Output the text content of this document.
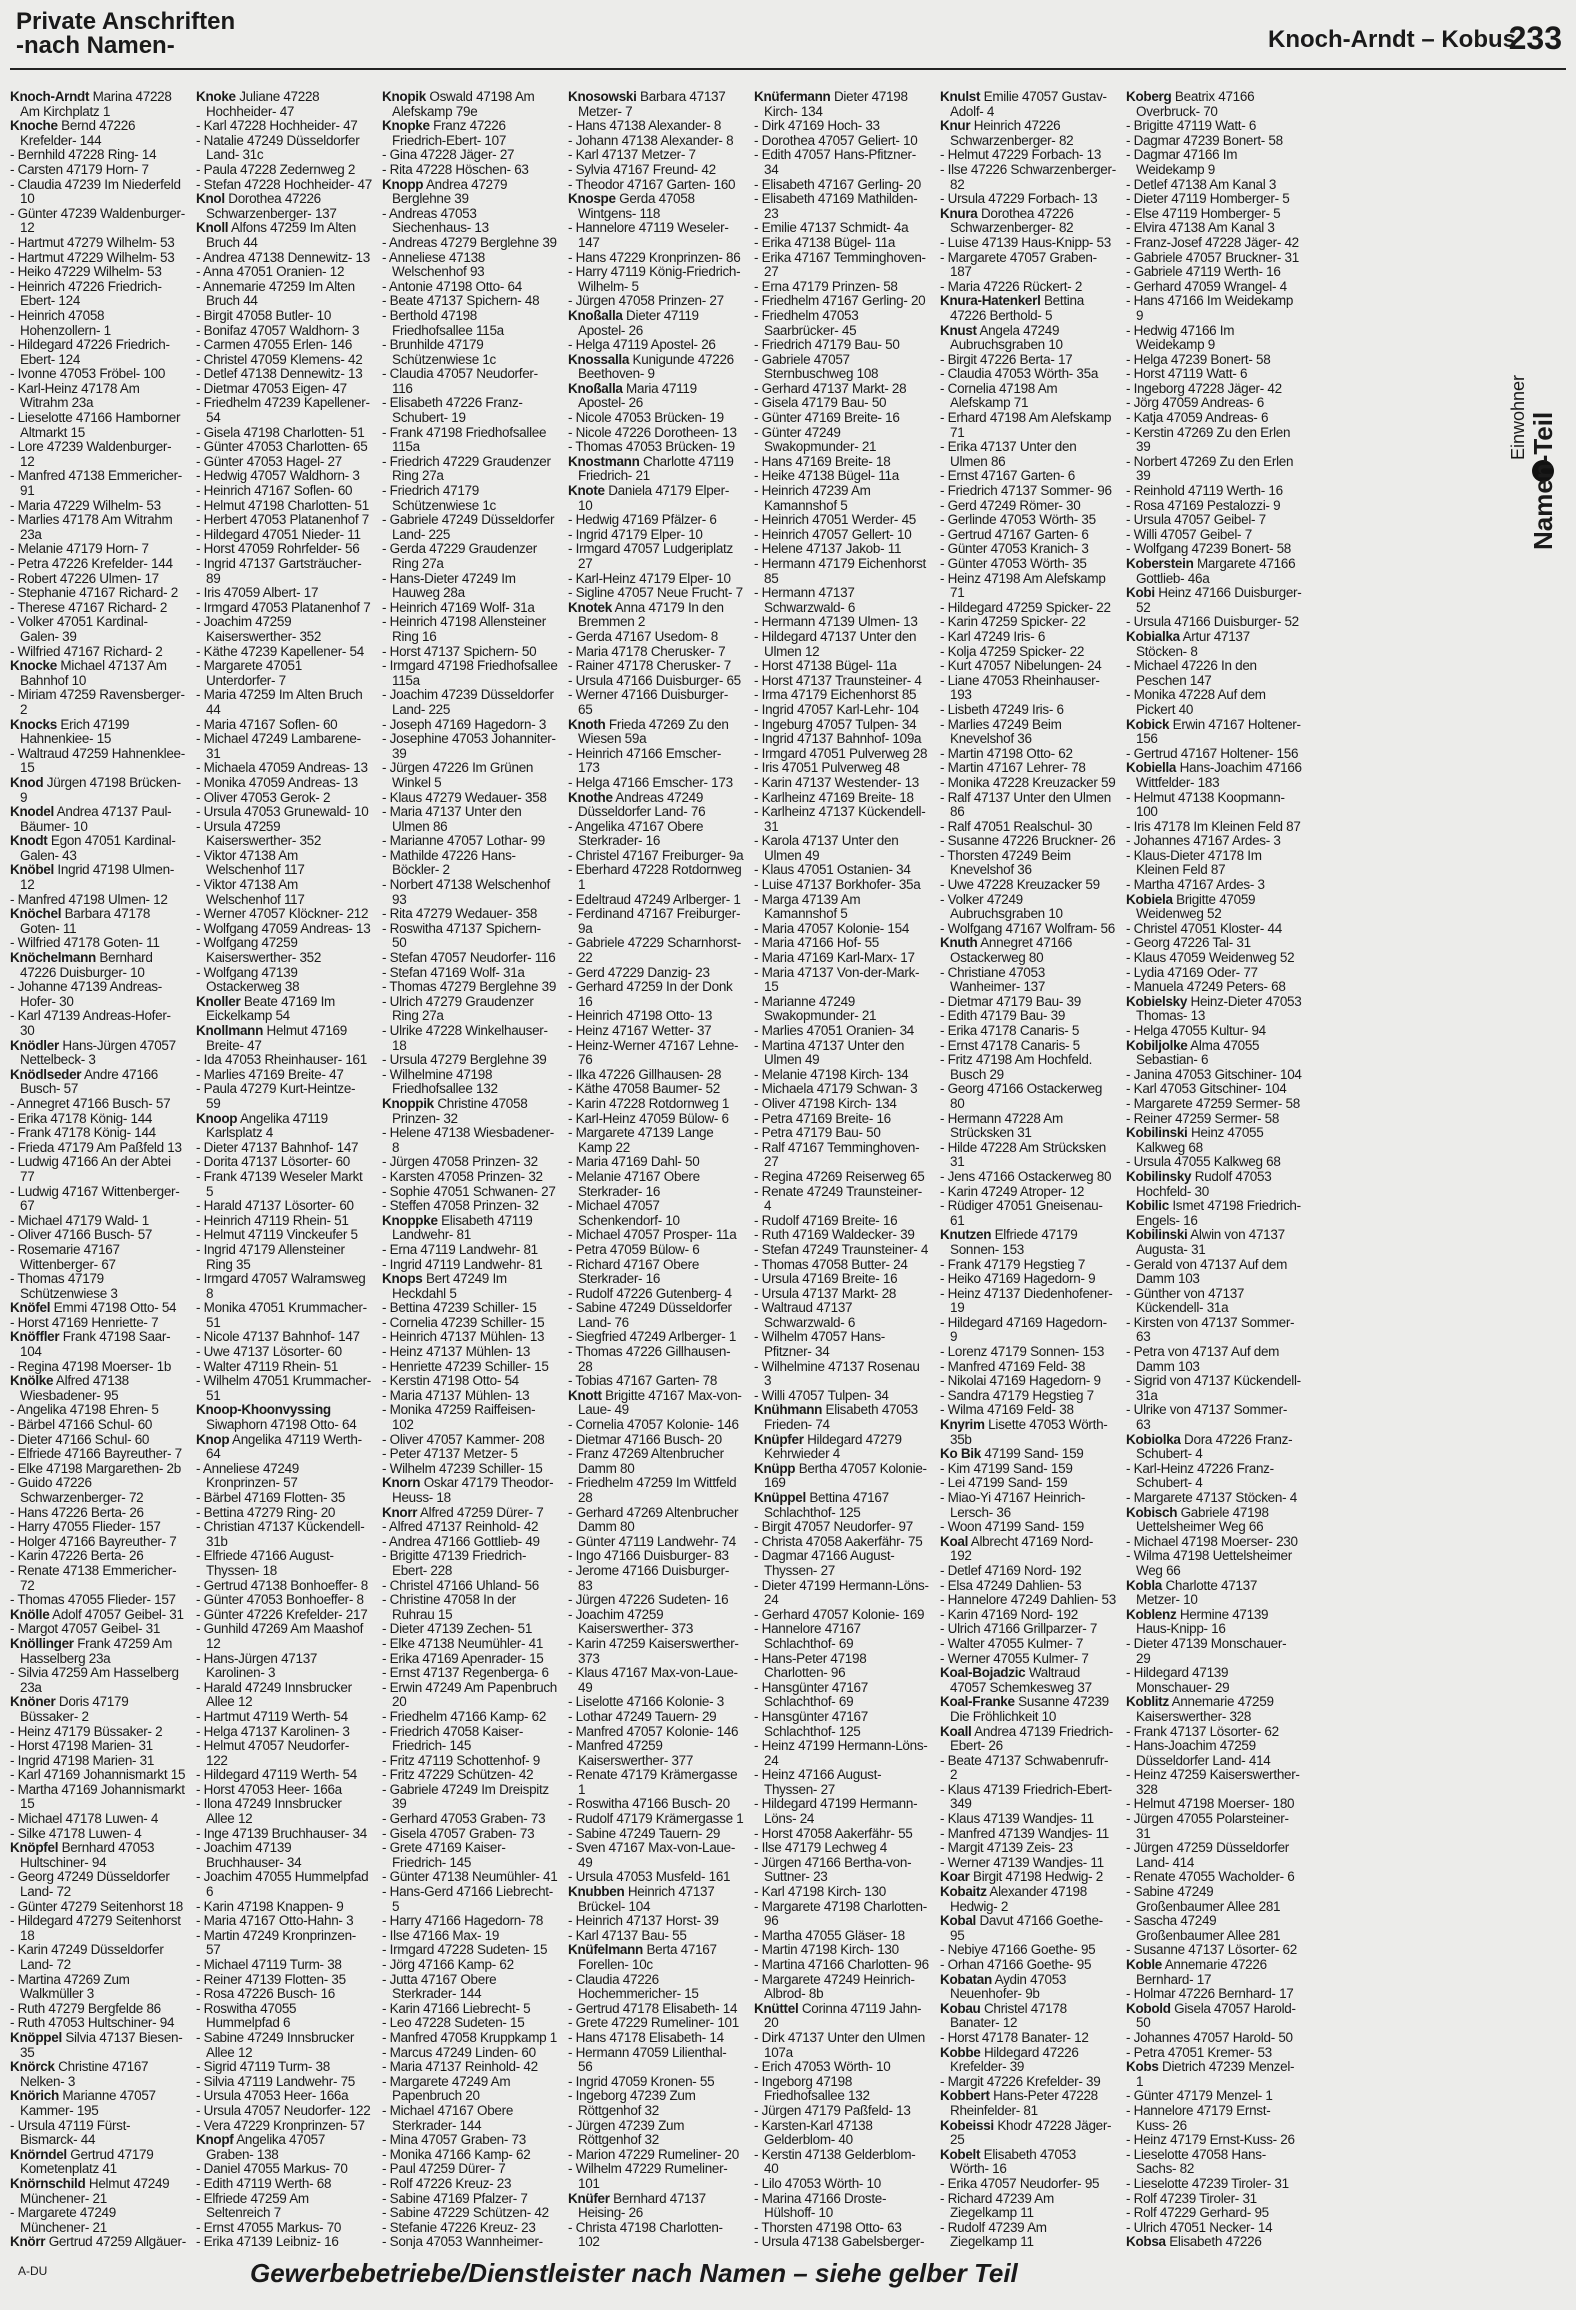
Private Anschriften
-nach Namen-	Knoch-Arndt – Kobus
233
Knoch-Arndt Marina 47228 Am Kirchplatz 1
Knoche Bernd 47226 Krefelder- 144
- Bernhild 47228 Ring- 14
- Carsten 47179 Horn- 7
- Claudia 47239 Im Niederfeld 10
- Günter 47239 Waldenburger- 12
- Hartmut 47279 Wilhelm- 53
- Hartmut 47229 Wilhelm- 53
- Heiko 47229 Wilhelm- 53
- Heinrich 47226 Friedrich-Ebert- 124
- Heinrich 47058 Hohenzollern- 1
- Hildegard 47226 Friedrich-Ebert- 124
- Ivonne 47053 Fröbel- 100
- Karl-Heinz 47178 Am Witrahm 23a
- Lieselotte 47166 Hamborner Altmarkt 15
- Lore 47239 Waldenburger- 12
- Manfred 47138 Emmericher- 91
- Maria 47229 Wilhelm- 53
- Marlies 47178 Am Witrahm 23a
- Melanie 47179 Horn- 7
- Petra 47226 Krefelder- 144
- Robert 47226 Ulmen- 17
- Stephanie 47167 Richard- 2
- Therese 47167 Richard- 2
- Volker 47051 Kardinal-Galen- 39
- Wilfried 47167 Richard- 2
Knocke Michael 47137 Am Bahnhof 10
- Miriam 47259 Ravensberger- 2
Knocks Erich 47199 Hahnenkiee- 15
- Waltraud 47259 Hahnenklee- 15
Knod Jürgen 47198 Brücken- 9
Knodel Andrea 47137 Paul-Bäumer- 10
Knodt Egon 47051 Kardinal-Galen- 43
Knöbel Ingrid 47198 Ulmen- 12
- Manfred 47198 Ulmen- 12
Knöchel Barbara 47178 Goten- 11
- Wilfried 47178 Goten- 11
Knöchelmann Bernhard 47226 Duisburger- 10
- Johanne 47139 Andreas-Hofer- 30
- Karl 47139 Andreas-Hofer- 30
Knödler Hans-Jürgen 47057 Nettelbeck- 3
Knödlseder Andre 47166 Busch- 57
- Annegret 47166 Busch- 57
- Erika 47178 König- 144
- Frank 47178 König- 144
- Frieda 47179 Am Paßfeld 13
- Ludwig 47166 An der Abtei 77
- Ludwig 47167 Wittenberger- 67
- Michael 47179 Wald- 1
- Oliver 47166 Busch- 57
- Rosemarie 47167 Wittenberger- 67
- Thomas 47179 Schützenwiese 3
Knöfel Emmi 47198 Otto- 54
- Horst 47169 Henriette- 7
Knöffler Frank 47198 Saar- 104
- Regina 47198 Moerser- 1b
Knölke Alfred 47138 Wiesbadener- 95
- Angelika 47198 Ehren- 5
- Bärbel 47166 Schul- 60
- Dieter 47166 Schul- 60
- Elfriede 47166 Bayreuther- 7
- Elke 47198 Margarethen- 2b
- Guido 47226 Schwarzenberger- 72
- Hans 47226 Berta- 26
- Harry 47055 Flieder- 157
- Holger 47166 Bayreuther- 7
- Karin 47226 Berta- 26
- Renate 47138 Emmericher- 72
- Thomas 47055 Flieder- 157
Knölle Adolf 47057 Geibel- 31
- Margot 47057 Geibel- 31
Knöllinger Frank 47259 Am Hasselberg 23a
- Silvia 47259 Am Hasselberg 23a
Knöner Doris 47179 Büssaker- 2
- Heinz 47179 Büssaker- 2
- Horst 47198 Marien- 31
- Ingrid 47198 Marien- 31
- Karl 47169 Johannismarkt 15
- Martha 47169 Johannismarkt 15
- Michael 47178 Luwen- 4
- Silke 47178 Luwen- 4
Knöpfel Bernhard 47053 Hultschiner- 94
- Georg 47249 Düsseldorfer Land- 72
- Günter 47279 Seitenhorst 18
- Hildegard 47279 Seitenhorst 18
- Karin 47249 Düsseldorfer Land- 72
- Martina 47269 Zum Walkmüller 3
- Ruth 47279 Bergfelde 86
- Ruth 47053 Hultschiner- 94
Knöppel Silvia 47137 Biesen- 35
Knörck Christine 47167 Nelken- 3
Knörich Marianne 47057 Kammer- 195
- Ursula 47119 Fürst-Bismarck- 44
Knörndel Gertrud 47179 Kometenplatz 41
Knörnschild Helmut 47249 Münchener- 21
- Margarete 47249 Münchener- 21
Knörr Gertrud 47259 Allgäuer-
Knoke Juliane 47228 Hochheider- 47
- Karl 47228 Hochheider- 47
- Natalie 47249 Düsseldorfer Land- 31c
- Paula 47228 Zedernweg 2
- Stefan 47228 Hochheider- 47
Knol Dorothea 47226 Schwarzenberger- 137
Knoll Alfons 47259 Im Alten Bruch 44
- Andrea 47138 Dennewitz- 13
- Anna 47051 Oranien- 12
- Annemarie 47259 Im Alten Bruch 44
- Birgit 47058 Butler- 10
- Bonifaz 47057 Waldhorn- 3
- Carmen 47055 Erlen- 146
- Christel 47059 Klemens- 42
- Detlef 47138 Dennewitz- 13
- Dietmar 47053 Eigen- 47
- Friedhelm 47239 Kapellener- 54
- Gisela 47198 Charlotten- 51
- Günter 47053 Charlotten- 65
- Günter 47053 Hagel- 27
- Hedwig 47057 Waldhorn- 3
- Heinrich 47167 Soflen- 60
- Helmut 47198 Charlotten- 51
- Herbert 47053 Platanenhof 7
- Hildegard 47051 Nieder- 11
- Horst 47059 Rohrfelder- 56
- Ingrid 47137 Gartsträucher- 89
- Iris 47059 Albert- 17
- Irmgard 47053 Platanenhof 7
- Joachim 47259 Kaiserswerther- 352
- Käthe 47239 Kapellener- 54
- Margarete 47051 Unterdorfer- 7
- Maria 47259 Im Alten Bruch 44
- Maria 47167 Soflen- 60
- Michael 47249 Lambarene- 31
- Michaela 47059 Andreas- 13
- Monika 47059 Andreas- 13
- Oliver 47053 Gerok- 2
- Ursula 47053 Grunewald- 10
- Ursula 47259 Kaiserswerther- 352
- Viktor 47138 Am Welschenhof 117
- Viktor 47138 Am Welschenhof 117
- Werner 47057 Klöckner- 212
- Wolfgang 47059 Andreas- 13
- Wolfgang 47259 Kaiserswerther- 352
- Wolfgang 47139 Ostackerweg 38
Knoller Beate 47169 Im Eickelkamp 54
Knollmann Helmut 47169 Breite- 47
- Ida 47053 Rheinhauser- 161
- Marlies 47169 Breite- 47
- Paula 47279 Kurt-Heintze- 59
Knoop Angelika 47119 Karlsplatz 4
- Dieter 47137 Bahnhof- 147
- Dorita 47137 Lösorter- 60
- Frank 47139 Weseler Markt 5
- Harald 47137 Lösorter- 60
- Heinrich 47119 Rhein- 51
- Helmut 47119 Vinckeufer 5
- Ingrid 47179 Allensteiner Ring 35
- Irmgard 47057 Walramsweg 8
- Monika 47051 Krummacher- 51
- Nicole 47137 Bahnhof- 147
- Uwe 47137 Lösorter- 60
- Walter 47119 Rhein- 51
- Wilhelm 47051 Krummacher- 51
Knoop-Khoonvyssing Siwaphorn 47198 Otto- 64
Knop Angelika 47119 Werth- 64
- Anneliese 47249 Kronprinzen- 57
- Bärbel 47169 Flotten- 35
- Bettina 47279 Ring- 20
- Christian 47137 Kückendell- 31b
- Elfriede 47166 August-Thyssen- 18
- Gertrud 47138 Bonhoeffer- 8
- Günter 47053 Bonhoeffer- 8
- Günter 47226 Krefelder- 217
- Gunhild 47269 Am Maashof 12
- Hans-Jürgen 47137 Karolinen- 3
- Harald 47249 Innsbrucker Allee 12
- Hartmut 47119 Werth- 54
- Helga 47137 Karolinen- 3
- Helmut 47057 Neudorfer- 122
- Hildegard 47119 Werth- 54
- Horst 47053 Heer- 166a
- Ilona 47249 Innsbrucker Allee 12
- Inge 47139 Bruchhauser- 34
- Joachim 47139 Bruchhauser- 34
- Joachim 47055 Hummelpfad 6
- Karin 47198 Knappen- 9
- Maria 47167 Otto-Hahn- 3
- Martin 47249 Kronprinzen- 57
- Michael 47119 Turm- 38
- Reiner 47139 Flotten- 35
- Rosa 47226 Busch- 16
- Roswitha 47055 Hummelpfad 6
- Sabine 47249 Innsbrucker Allee 12
- Sigrid 47119 Turm- 38
- Silvia 47119 Landwehr- 75
- Ursula 47053 Heer- 166a
- Ursula 47057 Neudorfer- 122
- Vera 47229 Kronprinzen- 57
Knopf Angelika 47057 Graben- 138
- Daniel 47055 Markus- 70
- Edith 47119 Werth- 68
- Elfriede 47259 Am Seltenreich 7
- Ernst 47055 Markus- 70
- Erika 47139 Leibniz- 16
Knopik Oswald 47198 Am Alefskamp 79e
Knopke Franz 47226 Friedrich-Ebert- 107
- Gina 47228 Jäger- 27
- Rita 47228 Höschen- 63
Knopp Andrea 47279 Berglehne 39
- Andreas 47053 Siechenhaus- 13
- Andreas 47279 Berglehne 39
- Anneliese 47138 Welschenhof 93
- Antonie 47198 Otto- 64
- Beate 47137 Spichern- 48
- Berthold 47198 Friedhofsallee 115a
- Brunhilde 47179 Schützenwiese 1c
- Claudia 47057 Neudorfer- 116
- Elisabeth 47226 Franz-Schubert- 19
- Frank 47198 Friedhofsallee 115a
- Friedrich 47229 Graudenzer Ring 27a
- Friedrich 47179 Schützenwiese 1c
- Gabriele 47249 Düsseldorfer Land- 225
- Gerda 47229 Graudenzer Ring 27a
- Hans-Dieter 47249 Im Hauweg 28a
- Heinrich 47169 Wolf- 31a
- Heinrich 47198 Allensteiner Ring 16
- Horst 47137 Spichern- 50
- Irmgard 47198 Friedhofsallee 115a
- Joachim 47239 Düsseldorfer Land- 225
- Joseph 47169 Hagedorn- 3
- Josephine 47053 Johanniter- 39
- Jürgen 47226 Im Grünen Winkel 5
- Klaus 47279 Wedauer- 358
- Maria 47137 Unter den Ulmen 86
- Marianne 47057 Lothar- 99
- Mathilde 47226 Hans-Böckler- 2
- Norbert 47138 Welschenhof 93
- Rita 47279 Wedauer- 358
- Roswitha 47137 Spichern- 50
- Stefan 47057 Neudorfer- 116
- Stefan 47169 Wolf- 31a
- Thomas 47279 Berglehne 39
- Ulrich 47279 Graudenzer Ring 27a
- Ulrike 47228 Winkelhauser- 18
- Ursula 47279 Berglehne 39
- Wilhelmine 47198 Friedhofsallee 132
Knoppik Christine 47058 Prinzen- 32
- Helene 47138 Wiesbadener- 8
- Jürgen 47058 Prinzen- 32
- Karsten 47058 Prinzen- 32
- Sophie 47051 Schwanen- 27
- Steffen 47058 Prinzen- 32
Knoppke Elisabeth 47119 Landwehr- 81
- Erna 47119 Landwehr- 81
- Ingrid 47119 Landwehr- 81
Knops Bert 47249 Im Heckdahl 5
- Bettina 47239 Schiller- 15
- Cornelia 47239 Schiller- 15
- Heinrich 47137 Mühlen- 13
- Heinz 47137 Mühlen- 13
- Henriette 47239 Schiller- 15
- Kerstin 47198 Otto- 54
- Maria 47137 Mühlen- 13
- Monika 47259 Raiffeisen- 102
- Oliver 47057 Kammer- 208
- Peter 47137 Metzer- 5
- Wilhelm 47239 Schiller- 15
Knorn Oskar 47179 Theodor-Heuss- 18
Knorr Alfred 47259 Dürer- 7
- Alfred 47137 Reinhold- 42
- Andrea 47166 Gottlieb- 49
- Brigitte 47139 Friedrich-Ebert- 228
- Christel 47166 Uhland- 56
- Christine 47058 In der Ruhrau 15
- Dieter 47139 Zechen- 51
- Elke 47138 Neumühler- 41
- Erika 47169 Apenrader- 15
- Ernst 47137 Regenberga- 6
- Erwin 47249 Am Papenbruch 20
- Friedhelm 47166 Kamp- 62
- Friedrich 47058 Kaiser-Friedrich- 145
- Fritz 47119 Schottenhof- 9
- Fritz 47229 Schützen- 42
- Gabriele 47249 Im Dreispitz 39
- Gerhard 47053 Graben- 73
- Gisela 47057 Graben- 73
- Grete 47169 Kaiser-Friedrich- 145
- Günter 47138 Neumühler- 41
- Hans-Gerd 47166 Liebrecht- 5
- Harry 47166 Hagedorn- 78
- Ilse 47166 Max- 19
- Irmgard 47228 Sudeten- 15
- Jörg 47166 Kamp- 62
- Jutta 47167 Obere Sterkrader- 144
- Karin 47166 Liebrecht- 5
- Leo 47228 Sudeten- 15
- Manfred 47058 Kruppkamp 1
- Marcus 47249 Linden- 60
- Maria 47137 Reinhold- 42
- Margarete 47249 Am Papenbruch 20
- Michael 47167 Obere Sterkrader- 144
- Mina 47057 Graben- 73
- Monika 47166 Kamp- 62
- Paul 47259 Dürer- 7
- Rolf 47226 Kreuz- 23
- Sabine 47169 Pfalzer- 7
- Sabine 47229 Schützen- 42
- Stefanie 47226 Kreuz- 23
- Sonja 47053 Wannheimer-
Knosowski Barbara 47137 Metzer- 7
- Hans 47138 Alexander- 8
- Johann 47138 Alexander- 8
- Karl 47137 Metzer- 7
- Sylvia 47167 Freund- 42
- Theodor 47167 Garten- 160
Knospe Gerda 47058 Wintgens- 118
- Hannelore 47119 Weseler- 147
- Hans 47229 Kronprinzen- 86
- Harry 47119 König-Friedrich-Wilhelm- 5
- Jürgen 47058 Prinzen- 27
Knoßalla Dieter 47119 Apostel- 26
- Helga 47119 Apostel- 26
Knossalla Kunigunde 47226 Beethoven- 9
Knoßalla Maria 47119 Apostel- 26
- Nicole 47053 Brücken- 19
- Nicole 47226 Dorotheen- 13
- Thomas 47053 Brücken- 19
Knostmann Charlotte 47119 Friedrich- 21
Knote Daniela 47179 Elper- 10
- Hedwig 47169 Pfälzer- 6
- Ingrid 47179 Elper- 10
- Irmgard 47057 Ludgeriplatz 27
- Karl-Heinz 47179 Elper- 10
- Sigline 47057 Neue Frucht- 7
Knotek Anna 47179 In den Bremmen 2
- Gerda 47167 Usedom- 8
- Maria 47178 Cherusker- 7
- Rainer 47178 Cherusker- 7
- Ursula 47166 Duisburger- 65
- Werner 47166 Duisburger- 65
Knoth Frieda 47269 Zu den Wiesen 59a
- Heinrich 47166 Emscher- 173
- Helga 47166 Emscher- 173
Knothe Andreas 47249 Düsseldorfer Land- 76
- Angelika 47167 Obere Sterkrader- 16
- Christel 47167 Freiburger- 9a
- Eberhard 47228 Rotdornweg 1
- Edeltraud 47249 Arlberger- 1
- Ferdinand 47167 Freiburger- 9a
- Gabriele 47229 Scharnhorst- 22
- Gerd 47229 Danzig- 23
- Gerhard 47259 In der Donk 16
- Heinrich 47198 Otto- 13
- Heinz 47167 Wetter- 37
- Heinz-Werner 47167 Lehne- 76
- Ilka 47226 Gillhausen- 28
- Käthe 47058 Baumer- 52
- Karin 47228 Rotdornweg 1
- Karl-Heinz 47059 Bülow- 6
- Margarete 47139 Lange Kamp 22
- Maria 47169 Dahl- 50
- Melanie 47167 Obere Sterkrader- 16
- Michael 47057 Schenkendorf- 10
- Michael 47057 Prosper- 11a
- Petra 47059 Bülow- 6
- Richard 47167 Obere Sterkrader- 16
- Rudolf 47226 Gutenberg- 4
- Sabine 47249 Düsseldorfer Land- 76
- Siegfried 47249 Arlberger- 1
- Thomas 47226 Gillhausen- 28
- Tobias 47167 Garten- 78
Knott Brigitte 47167 Max-von-Laue- 49
- Cornelia 47057 Kolonie- 146
- Dietmar 47166 Busch- 20
- Franz 47269 Altenbrucher Damm 80
- Friedhelm 47259 Im Wittfeld 28
- Gerhard 47269 Altenbrucher Damm 80
- Günter 47119 Landwehr- 74
- Ingo 47166 Duisburger- 83
- Jerome 47166 Duisburger- 83
- Jürgen 47226 Sudeten- 16
- Joachim 47259 Kaiserswerther- 373
- Karin 47259 Kaiserswerther- 373
- Klaus 47167 Max-von-Laue- 49
- Liselotte 47166 Kolonie- 3
- Lothar 47249 Tauern- 29
- Manfred 47057 Kolonie- 146
- Manfred 47259 Kaiserswerther- 377
- Renate 47179 Krämergasse 1
- Roswitha 47166 Busch- 20
- Rudolf 47179 Krämergasse 1
- Sabine 47249 Tauern- 29
- Sven 47167 Max-von-Laue- 49
- Ursula 47053 Musfeld- 161
Knubben Heinrich 47137 Brückel- 104
- Heinrich 47137 Horst- 39
- Karl 47137 Bau- 55
Knüfelmann Berta 47167 Forellen- 10c
- Claudia 47226 Hochemmericher- 15
- Gertrud 47178 Elisabeth- 14
- Grete 47229 Rumeliner- 101
- Hans 47178 Elisabeth- 14
- Hermann 47059 Lilienthal- 56
- Ingrid 47059 Kronen- 55
- Ingeborg 47239 Zum Röttgenhof 32
- Jürgen 47239 Zum Röttgenhof 32
- Marion 47229 Rumeliner- 20
- Wilhelm 47229 Rumeliner- 101
Knüfer Bernhard 47137 Heising- 26
- Christa 47198 Charlotten- 102
Knüfermann Dieter 47198 Kirch- 134
- Dirk 47169 Hoch- 33
- Dorothea 47057 Geliert- 10
- Edith 47057 Hans-Pfitzner- 34
- Elisabeth 47167 Gerling- 20
- Elisabeth 47169 Mathilden- 23
- Emilie 47137 Schmidt- 4a
- Erika 47138 Bügel- 11a
- Erika 47167 Temminghoven- 27
- Erna 47179 Prinzen- 58
- Friedhelm 47167 Gerling- 20
- Friedhelm 47053 Saarbrücker- 45
- Friedrich 47179 Bau- 50
- Gabriele 47057 Sternbuschweg 108
- Gerhard 47137 Markt- 28
- Gisela 47179 Bau- 50
- Günter 47169 Breite- 16
- Günter 47249 Swakopmunder- 21
- Hans 47169 Breite- 18
- Heike 47138 Bügel- 11a
- Heinrich 47239 Am Kamannshof 5
- Heinrich 47051 Werder- 45
- Heinrich 47057 Gellert- 10
- Helene 47137 Jakob- 11
- Hermann 47179 Eichenhorst 85
- Hermann 47137 Schwarzwald- 6
- Hermann 47139 Ulmen- 13
- Hildegard 47137 Unter den Ulmen 12
- Horst 47138 Bügel- 11a
- Horst 47137 Traunsteiner- 4
- Irma 47179 Eichenhorst 85
- Ingrid 47057 Karl-Lehr- 104
- Ingeburg 47057 Tulpen- 34
- Ingrid 47137 Bahnhof- 109a
- Irmgard 47051 Pulverweg 28
- Iris 47051 Pulverweg 48
- Karin 47137 Westender- 13
- Karlheinz 47169 Breite- 18
- Karlheinz 47137 Kückendell- 31
- Karola 47137 Unter den Ulmen 49
- Klaus 47051 Ostanien- 34
- Luise 47137 Borkhofer- 35a
- Marga 47139 Am Kamannshof 5
- Maria 47057 Kolonie- 154
- Maria 47166 Hof- 55
- Maria 47169 Karl-Marx- 17
- Maria 47137 Von-der-Mark- 15
- Marianne 47249 Swakopmunder- 21
- Marlies 47051 Oranien- 34
- Martina 47137 Unter den Ulmen 49
- Melanie 47198 Kirch- 134
- Michaela 47179 Schwan- 3
- Oliver 47198 Kirch- 134
- Petra 47169 Breite- 16
- Petra 47179 Bau- 50
- Ralf 47167 Temminghoven- 27
- Regina 47269 Reiserweg 65
- Renate 47249 Traunsteiner- 4
- Rudolf 47169 Breite- 16
- Ruth 47169 Waldecker- 39
- Stefan 47249 Traunsteiner- 4
- Thomas 47058 Butter- 24
- Ursula 47169 Breite- 16
- Ursula 47137 Markt- 28
- Waltraud 47137 Schwarzwald- 6
- Wilhelm 47057 Hans-Pfitzner- 34
- Wilhelmine 47137 Rosenau 3
- Willi 47057 Tulpen- 34
Knühmann Elisabeth 47053 Frieden- 74
Knüpfer Hildegard 47279 Kehrwieder 4
Knüpp Bertha 47057 Kolonie- 169
Knüppel Bettina 47167 Schlachthof- 125
- Birgit 47057 Neudorfer- 97
- Christa 47058 Aakerfähr- 75
- Dagmar 47166 August-Thyssen- 27
- Dieter 47199 Hermann-Löns- 24
- Gerhard 47057 Kolonie- 169
- Hannelore 47167 Schlachthof- 69
- Hans-Peter 47198 Charlotten- 96
- Hansgünter 47167 Schlachthof- 69
- Hansgünter 47167 Schlachthof- 125
- Heinz 47199 Hermann-Löns- 24
- Heinz 47166 August-Thyssen- 27
- Hildegard 47199 Hermann-Löns- 24
- Horst 47058 Aakerfähr- 55
- Ilse 47179 Lechweg 4
- Jürgen 47166 Bertha-von-Suttner- 23
- Karl 47198 Kirch- 130
- Margarete 47198 Charlotten- 96
- Martha 47055 Gläser- 18
- Martin 47198 Kirch- 130
- Martina 47166 Charlotten- 96
- Margarete 47249 Heinrich-Albrod- 8b
Knüttel Corinna 47119 Jahn- 20
- Dirk 47137 Unter den Ulmen 107a
- Erich 47053 Wörth- 10
- Ingeborg 47198 Friedhofsallee 132
- Jürgen 47179 Paßfeld- 13
- Karsten-Karl 47138 Gelderblom- 40
- Kerstin 47138 Gelderblom- 40
- Lilo 47053 Wörth- 10
- Marina 47166 Droste-Hülshoff- 10
- Thorsten 47198 Otto- 63
- Ursula 47138 Gabelsberger-
Knulst Emilie 47057 Gustav-Adolf- 4
Knur Heinrich 47226 Schwarzenberger- 82
- Helmut 47229 Forbach- 13
- Ilse 47226 Schwarzenberger- 82
- Ursula 47229 Forbach- 13
Knura Dorothea 47226 Schwarzenberger- 82
- Luise 47139 Haus-Knipp- 53
- Margarete 47057 Graben- 187
- Maria 47226 Rückert- 2
Knura-Hatenkerl Bettina 47226 Berthold- 5
Knust Angela 47249 Aubruchsgraben 10
- Birgit 47226 Berta- 17
- Claudia 47053 Wörth- 35a
- Cornelia 47198 Am Alefskamp 71
- Erhard 47198 Am Alefskamp 71
- Erika 47137 Unter den Ulmen 86
- Ernst 47167 Garten- 6
- Friedrich 47137 Sommer- 96
- Gerd 47249 Römer- 30
- Gerlinde 47053 Wörth- 35
- Gertrud 47167 Garten- 6
- Günter 47053 Kranich- 3
- Günter 47053 Wörth- 35
- Heinz 47198 Am Alefskamp 71
- Hildegard 47259 Spicker- 22
- Karin 47259 Spicker- 22
- Karl 47249 Iris- 6
- Kolja 47259 Spicker- 22
- Kurt 47057 Nibelungen- 24
- Liane 47053 Rheinhauser- 193
- Lisbeth 47249 Iris- 6
- Marlies 47249 Beim Knevelshof 36
- Martin 47198 Otto- 62
- Martin 47167 Lehrer- 78
- Monika 47228 Kreuzacker 59
- Ralf 47137 Unter den Ulmen 86
- Ralf 47051 Realschul- 30
- Susanne 47226 Bruckner- 26
- Thorsten 47249 Beim Knevelshof 36
- Uwe 47228 Kreuzacker 59
- Volker 47249 Aubruchsgraben 10
- Wolfgang 47167 Wolfram- 56
Knuth Annegret 47166 Ostackerweg 80
- Christiane 47053 Wanheimer- 137
- Dietmar 47179 Bau- 39
- Edith 47179 Bau- 39
- Erika 47178 Canaris- 5
- Ernst 47178 Canaris- 5
- Fritz 47198 Am Hochfeld. Busch 29
- Georg 47166 Ostackerweg 80
- Hermann 47228 Am Strücksken 31
- Hilde 47228 Am Strücksken 31
- Jens 47166 Ostackerweg 80
- Karin 47249 Atroper- 12
- Rüdiger 47051 Gneisenau- 61
Knutzen Elfriede 47179 Sonnen- 153
- Frank 47179 Hegstieg 7
- Heiko 47169 Hagedorn- 9
- Heinz 47137 Diedenhofener- 19
- Hildegard 47169 Hagedorn- 9
- Lorenz 47179 Sonnen- 153
- Manfred 47169 Feld- 38
- Nikolai 47169 Hagedorn- 9
- Sandra 47179 Hegstieg 7
- Wilma 47169 Feld- 38
Knyrim Lisette 47053 Wörth- 35b
Ko Bik 47199 Sand- 159
- Kim 47199 Sand- 159
- Lei 47199 Sand- 159
- Miao-Yi 47167 Heinrich-Lersch- 36
- Woon 47199 Sand- 159
Koal Albrecht 47169 Nord- 192
- Detlef 47169 Nord- 192
- Elsa 47249 Dahlien- 53
- Hannelore 47249 Dahlien- 53
- Karin 47169 Nord- 192
- Ulrich 47166 Grillparzer- 7
- Walter 47055 Kulmer- 7
- Werner 47055 Kulmer- 7
Koal-Bojadzic Waltraud 47057 Schemkesweg 37
Koal-Franke Susanne 47239 Die Fröhlichkeit 10
Koall Andrea 47139 Friedrich-Ebert- 26
- Beate 47137 Schwabenrufr- 2
- Klaus 47139 Friedrich-Ebert- 349
- Klaus 47139 Wandjes- 11
- Manfred 47139 Wandjes- 11
- Margit 47139 Zeis- 23
- Werner 47139 Wandjes- 11
Koar Birgit 47198 Hedwig- 2
Kobaitz Alexander 47198 Hedwig- 2
Kobal Davut 47166 Goethe- 95
- Nebiye 47166 Goethe- 95
- Orhan 47166 Goethe- 95
Kobatan Aydin 47053 Neuenhofer- 9b
Kobau Christel 47178 Banater- 12
- Horst 47178 Banater- 12
Kobbe Hildegard 47226 Krefelder- 39
- Margit 47226 Krefelder- 39
Kobbert Hans-Peter 47228 Rheinfelder- 81
Kobeissi Khodr 47228 Jäger- 25
Kobelt Elisabeth 47053 Wörth- 16
- Erika 47057 Neudorfer- 95
- Richard 47239 Am Ziegelkamp 11
- Rudolf 47239 Am Ziegelkamp 11
Koberg Beatrix 47166 Overbruck- 70
- Brigitte 47119 Watt- 6
- Dagmar 47239 Bonert- 58
- Dagmar 47166 Im Weidekamp 9
- Detlef 47138 Am Kanal 3
- Dieter 47119 Homberger- 5
- Else 47119 Homberger- 5
- Elvira 47138 Am Kanal 3
- Franz-Josef 47228 Jäger- 42
- Gabriele 47057 Bruckner- 31
- Gabriele 47119 Werth- 16
- Gerhard 47059 Wrangel- 4
- Hans 47166 Im Weidekamp 9
- Hedwig 47166 Im Weidekamp 9
- Helga 47239 Bonert- 58
- Horst 47119 Watt- 6
- Ingeborg 47228 Jäger- 42
- Jörg 47059 Andreas- 6
- Katja 47059 Andreas- 6
- Kerstin 47269 Zu den Erlen 39
- Norbert 47269 Zu den Erlen 39
- Reinhold 47119 Werth- 16
- Rosa 47169 Pestalozzi- 9
- Ursula 47057 Geibel- 7
- Willi 47057 Geibel- 7
- Wolfgang 47239 Bonert- 58
Koberstein Margarete 47166 Gottlieb- 46a
Kobi Heinz 47166 Duisburger- 52
- Ursula 47166 Duisburger- 52
Kobialka Artur 47137 Stöcken- 8
- Michael 47226 In den Peschen 147
- Monika 47228 Auf dem Pickert 40
Kobick Erwin 47167 Holtener- 156
- Gertrud 47167 Holtener- 156
Kobiella Hans-Joachim 47166 Wittfelder- 183
- Helmut 47138 Koopmann- 100
- Iris 47178 Im Kleinen Feld 87
- Johannes 47167 Ardes- 3
- Klaus-Dieter 47178 Im Kleinen Feld 87
- Martha 47167 Ardes- 3
Kobiela Brigitte 47059 Weidenweg 52
- Christel 47051 Kloster- 44
- Georg 47226 Tal- 31
- Klaus 47059 Weidenweg 52
- Lydia 47169 Oder- 77
- Manuela 47249 Peters- 68
Kobielsky Heinz-Dieter 47053 Thomas- 13
- Helga 47055 Kultur- 94
Kobiljolke Alma 47055 Sebastian- 6
- Janina 47053 Gitschiner- 104
- Karl 47053 Gitschiner- 104
- Margarete 47259 Sermer- 58
- Reiner 47259 Sermer- 58
Kobilinski Heinz 47055 Kalkweg 68
- Ursula 47055 Kalkweg 68
Kobilinsky Rudolf 47053 Hochfeld- 30
Kobilic Ismet 47198 Friedrich-Engels- 16
Kobilinski Alwin von 47137 Augusta- 31
- Gerald von 47137 Auf dem Damm 103
- Günther von 47137 Kückendell- 31a
- Kirsten von 47137 Sommer- 63
- Petra von 47137 Auf dem Damm 103
- Sigrid von 47137 Kückendell- 31a
- Ulrike von 47137 Sommer- 63
Kobiolka Dora 47226 Franz-Schubert- 4
- Karl-Heinz 47226 Franz-Schubert- 4
- Margarete 47137 Stöcken- 4
Kobisch Gabriele 47198 Uettelsheimer Weg 66
- Michael 47198 Moerser- 230
- Wilma 47198 Uettelsheimer Weg 66
Kobla Charlotte 47137 Metzer- 10
Koblenz Hermine 47139 Haus-Knipp- 16
- Dieter 47139 Monschauer- 29
- Hildegard 47139 Monschauer- 29
Koblitz Annemarie 47259 Kaiserswerther- 328
- Frank 47137 Lösorter- 62
- Hans-Joachim 47259 Düsseldorfer Land- 414
- Heinz 47259 Kaiserswerther- 328
- Helmut 47198 Moerser- 180
- Jürgen 47055 Polarsteiner- 31
- Jürgen 47259 Düsseldorfer Land- 414
- Renate 47055 Wacholder- 6
- Sabine 47249 Großenbaumer Allee 281
- Sascha 47249 Großenbaumer Allee 281
- Susanne 47137 Lösorter- 62
Koble Annemarie 47226 Bernhard- 17
- Holmar 47226 Bernhard- 17
Kobold Gisela 47057 Harold- 50
- Johannes 47057 Harold- 50
- Petra 47051 Kremer- 53
Kobs Dietrich 47239 Menzel- 1
- Günter 47179 Menzel- 1
- Hannelore 47179 Ernst-Kuss- 26
- Heinz 47179 Ernst-Kuss- 26
- Lieselotte 47058 Hans-Sachs- 82
- Lieselotte 47239 Tiroler- 31
- Rolf 47239 Tiroler- 31
- Rolf 47229 Gerhard- 95
- Ulrich 47051 Necker- 14
Kobsa Elisabeth 47226
Einwohner Namen-Teil
A-DU	Gewerbebetriebe/Dienstleister nach Namen – siehe gelber Teil
